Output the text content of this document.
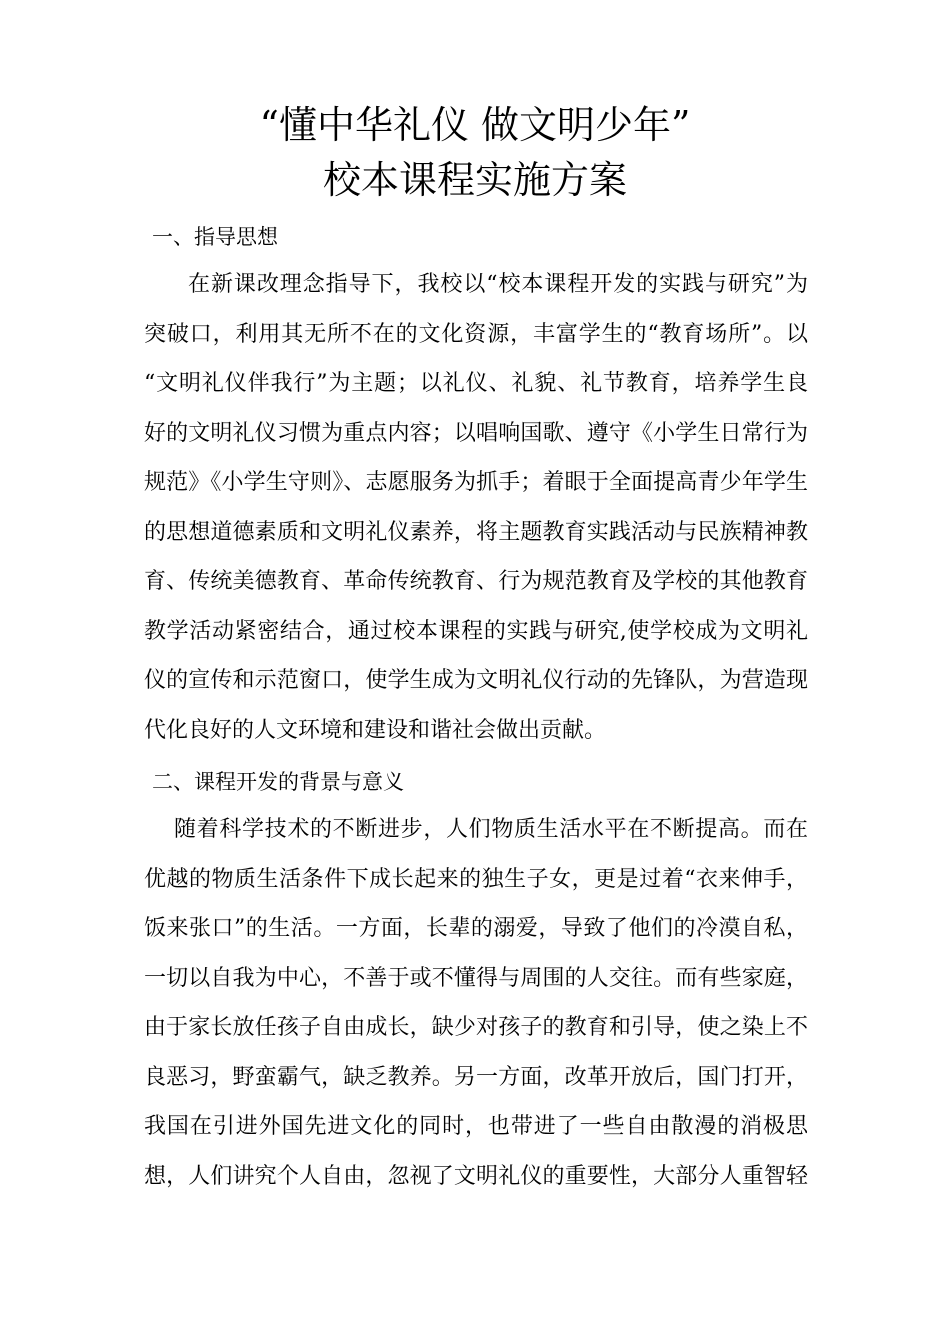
“懂中华礼仪 做文明少年”
校本课程实施方案
一、指导思想
在新课改理念指导下，我校以“校本课程开发的实践与研究”为
突破口，利用其无所不在的文化资源，丰富学生的“教育场所”。以
“文明礼仪伴我行”为主题；以礼仪、礼貌、礼节教育，培养学生良
好的文明礼仪习惯为重点内容；以唱响国歌、遵守《小学生日常行为
规范》《小学生守则》、志愿服务为抓手；着眼于全面提高青少年学生
的思想道德素质和文明礼仪素养，将主题教育实践活动与民族精神教
育、传统美德教育、革命传统教育、行为规范教育及学校的其他教育
教学活动紧密结合，通过校本课程的实践与研究,使学校成为文明礼
仪的宣传和示范窗口，使学生成为文明礼仪行动的先锋队，为营造现
代化良好的人文环境和建设和谐社会做出贡献。
二、课程开发的背景与意义
随着科学技术的不断进步，人们物质生活水平在不断提高。而在
优越的物质生活条件下成长起来的独生子女，更是过着“衣来伸手，
饭来张口”的生活。一方面，长辈的溺爱，导致了他们的冷漠自私，
一切以自我为中心，不善于或不懂得与周围的人交往。而有些家庭，
由于家长放任孩子自由成长，缺少对孩子的教育和引导，使之染上不
良恶习，野蛮霸气，缺乏教养。另一方面，改革开放后，国门打开，
我国在引进外国先进文化的同时，也带进了一些自由散漫的消极思
想，人们讲究个人自由，忽视了文明礼仪的重要性，大部分人重智轻
